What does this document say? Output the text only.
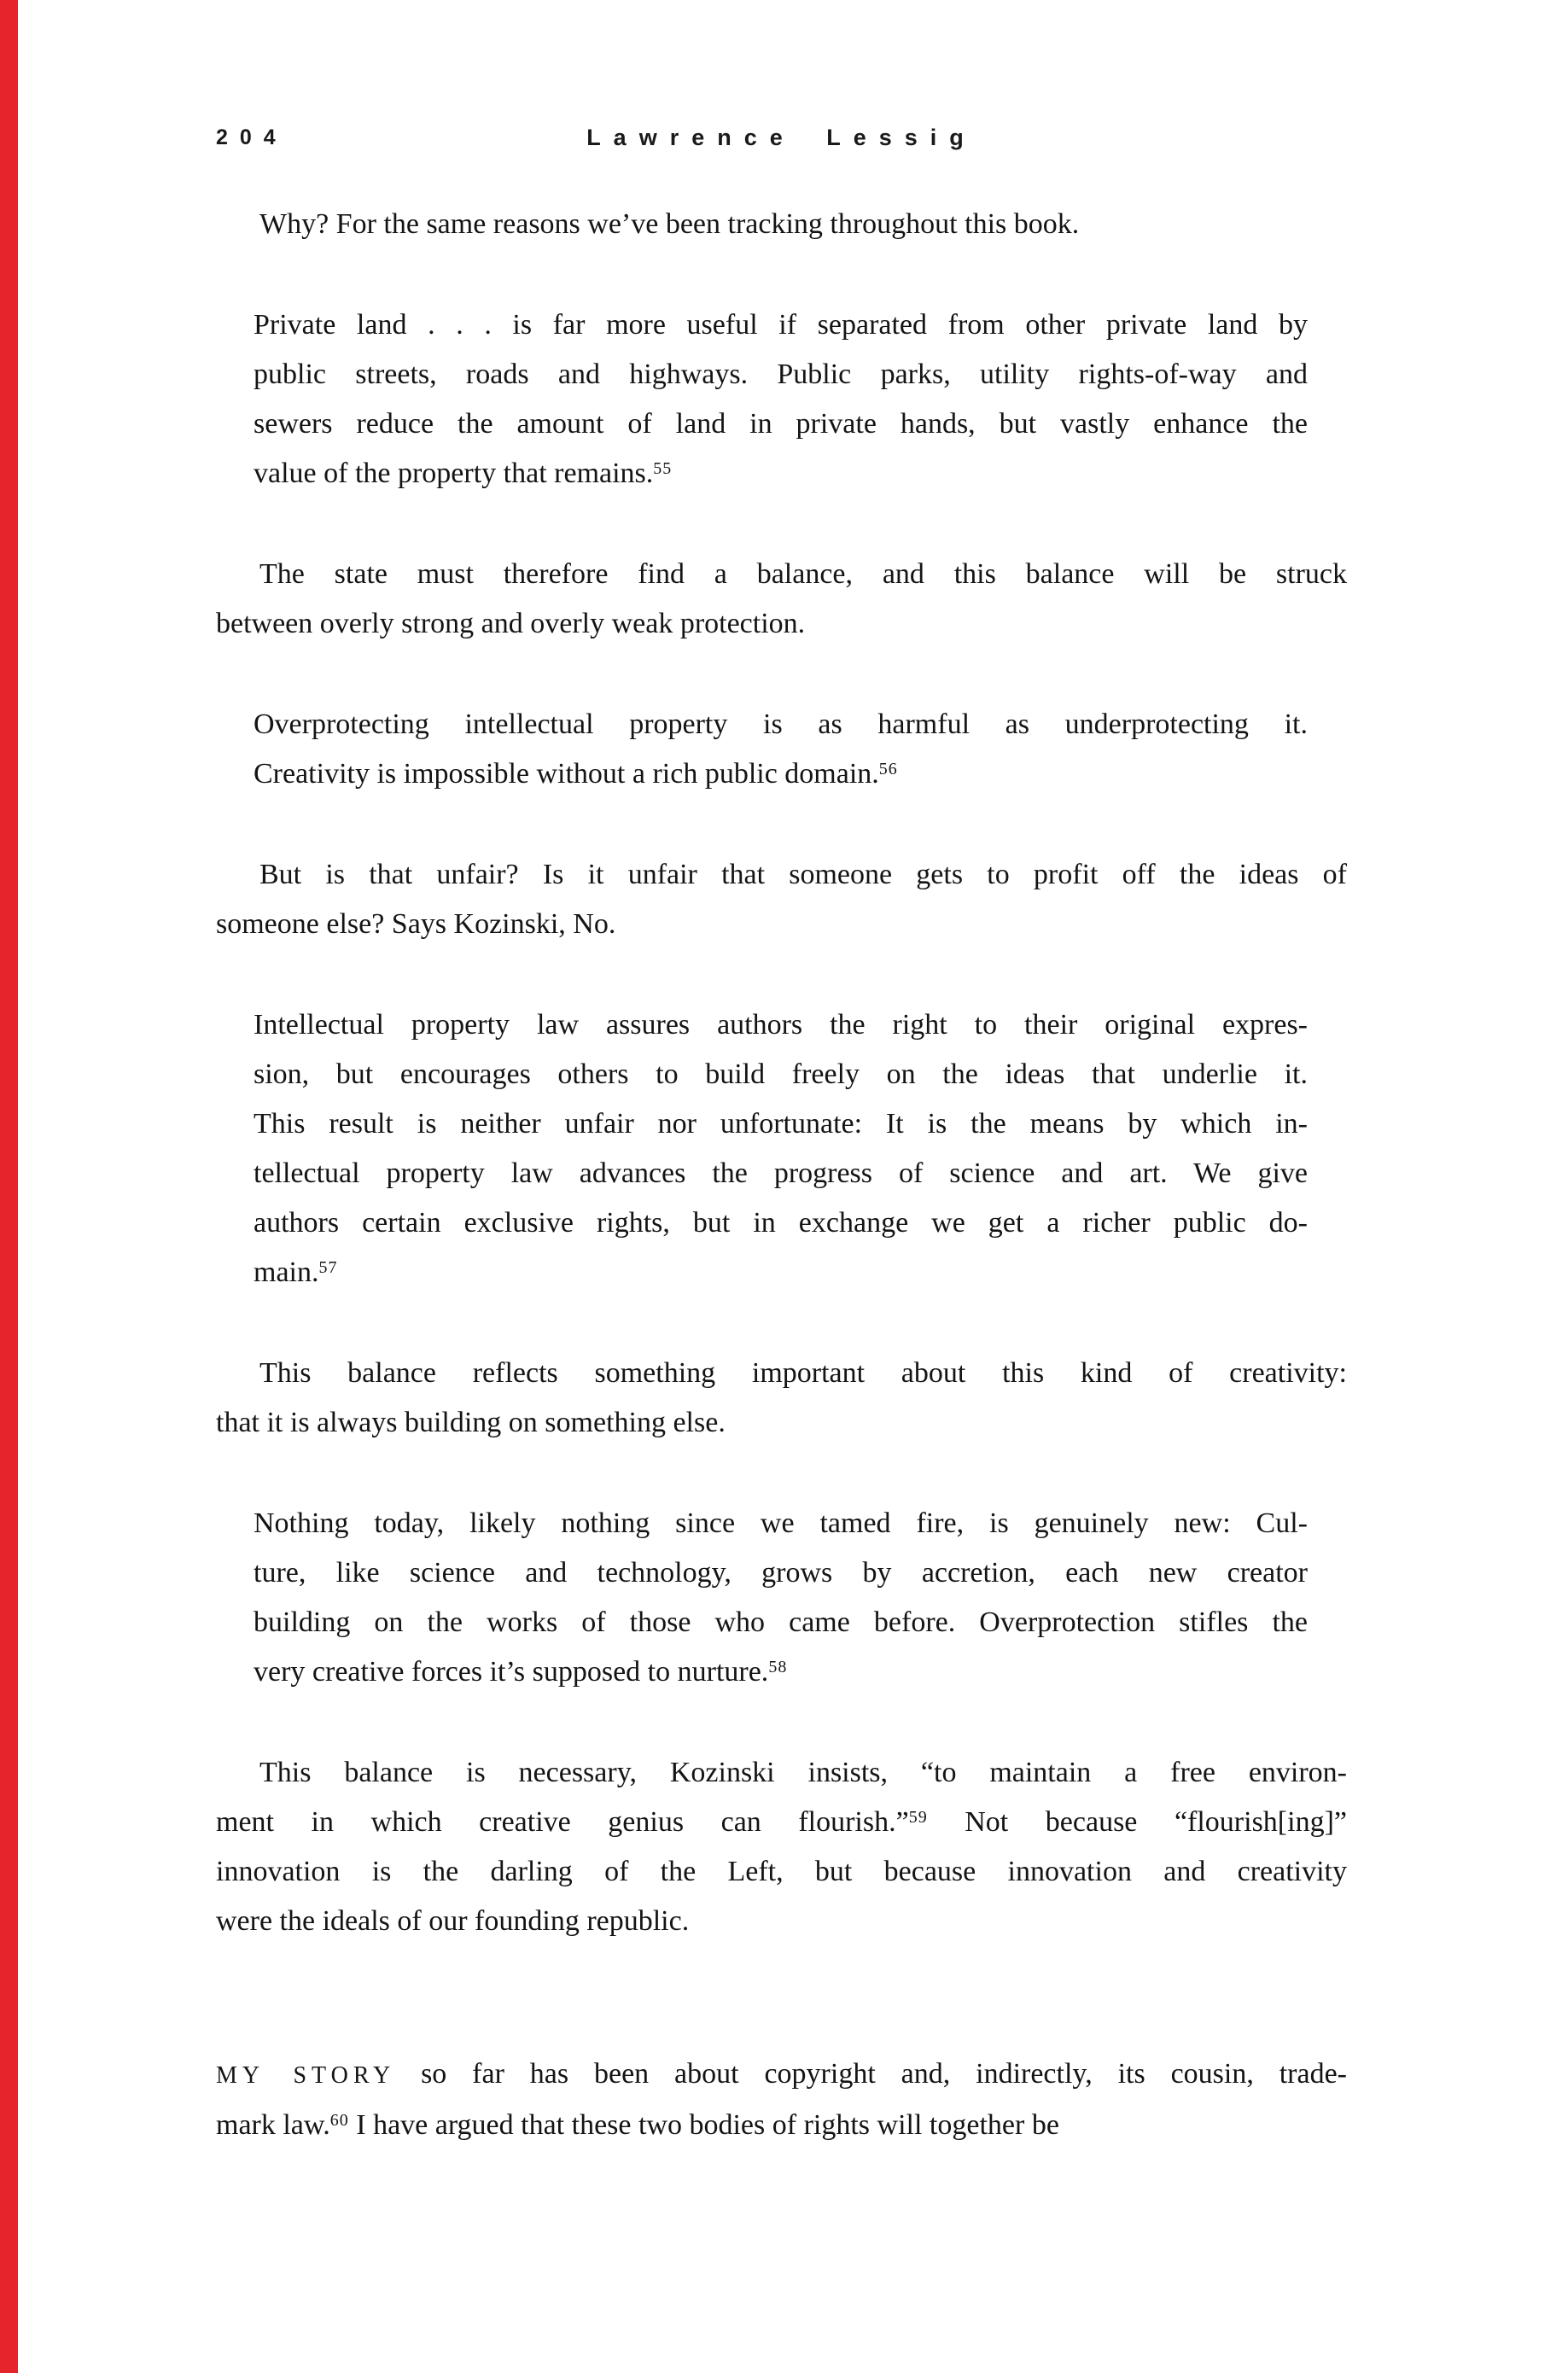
204	Lawrence Lessig
Why? For the same reasons we’ve been tracking throughout this book.
Private land . . . is far more useful if separated from other private land by
public streets, roads and highways. Public parks, utility rights-of-way and
sewers reduce the amount of land in private hands, but vastly enhance the
value of the property that remains.$^{55}$
The state must therefore find a balance, and this balance will be struck
between overly strong and overly weak protection.
Overprotecting intellectual property is as harmful as underprotecting it.
Creativity is impossible without a rich public domain.$^{56}$
But is that unfair? Is it unfair that someone gets to profit off the ideas of
someone else? Says Kozinski, No.
Intellectual property law assures authors the right to their original expres-
sion, but encourages others to build freely on the ideas that underlie it.
This result is neither unfair nor unfortunate: It is the means by which in-
tellectual property law advances the progress of science and art. We give
authors certain exclusive rights, but in exchange we get a richer public do-
main.$^{57}$
This balance reflects something important about this kind of creativity:
that it is always building on something else.
Nothing today, likely nothing since we tamed fire, is genuinely new: Cul-
ture, like science and technology, grows by accretion, each new creator
building on the works of those who came before. Overprotection stifles the
very creative forces it’s supposed to nurture.$^{58}$
This balance is necessary, Kozinski insists, “to maintain a free environ-
ment in which creative genius can flourish.”$^{59}$ Not because “flourish[ing]”
innovation is the darling of the Left, but because innovation and creativity
were the ideals of our founding republic.
MY STORY so far has been about copyright and, indirectly, its cousin, trade-
mark law.$^{60}$ I have argued that these two bodies of rights will together be
